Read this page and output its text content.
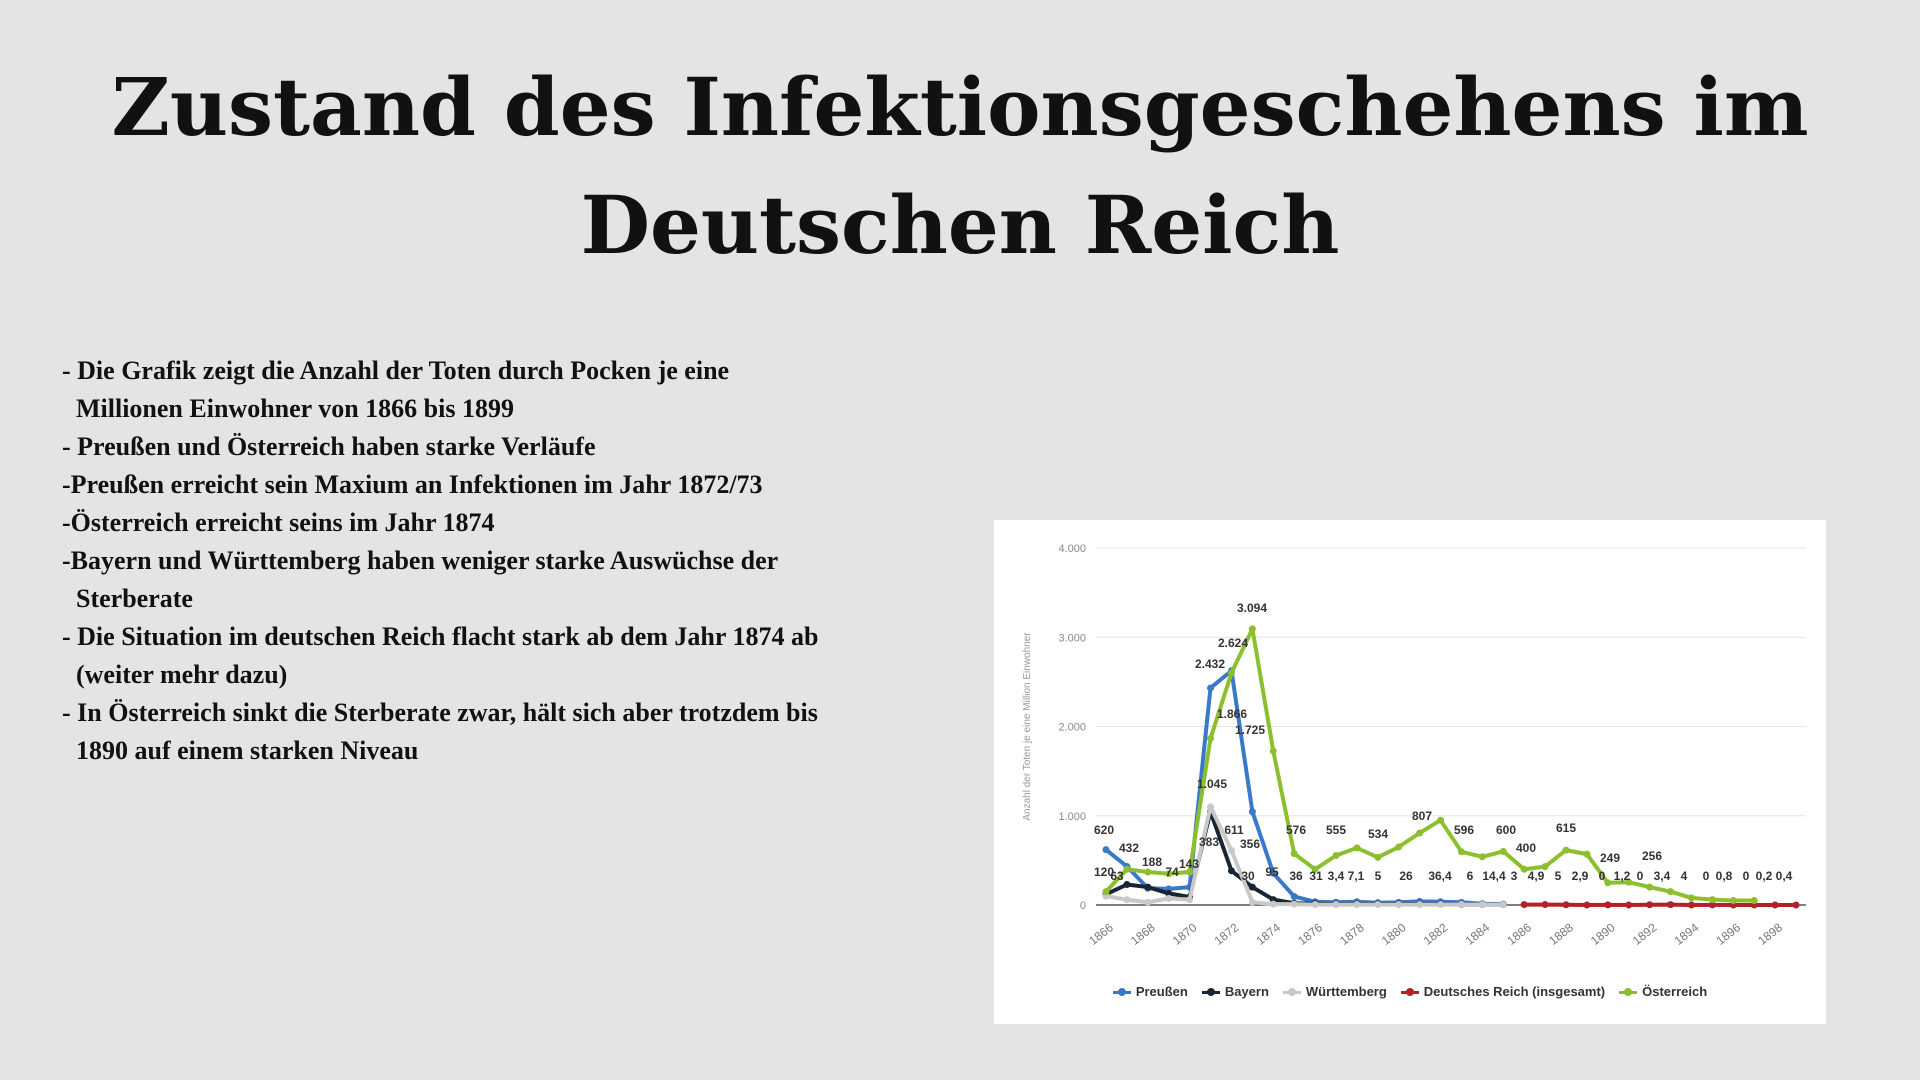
Zustand des Infektionsgeschehens im
Deutschen Reich
- Die Grafik zeigt die Anzahl der Toten durch Pocken je eine
Millionen Einwohner von 1866 bis 1899
- Preußen und Österreich haben starke Verläufe
-Preußen erreicht sein Maxium an Infektionen im Jahr 1872/73
-Österreich erreicht seins im Jahr 1874
-Bayern und Württemberg haben weniger starke Auswüchse der
Sterberate
- Die Situation im deutschen Reich flacht stark ab dem Jahr 1874 ab
(weiter mehr dazu)
- In Österreich sinkt die Sterberate zwar, hält sich aber trotzdem bis
1890 auf einem starken Niveau
0
1.000
2.000
3.000
4.000
Anzahl der Toten je eine Million Einwohner
1866 1868 1870 1872 1874 1876 1878 1880 1882 1884 1886 1888 1890 1892 1894 1896 1898
620
432
188
74
143
120
63
2.432
2.624
1.045
383
611
3.094
1.866
1.725
356
30 95 36 31 3,4 7,1 5 26 36,4 6 14,4 3 4,9 5 2,9 0 1,2 0 3,4 4 0 0,8 0 0,2 0,4
576 555 534
807
596 600
400
615
249 256
Preußen	Bayern	Württemberg	Deutsches Reich (insgesamt)	Österreich
